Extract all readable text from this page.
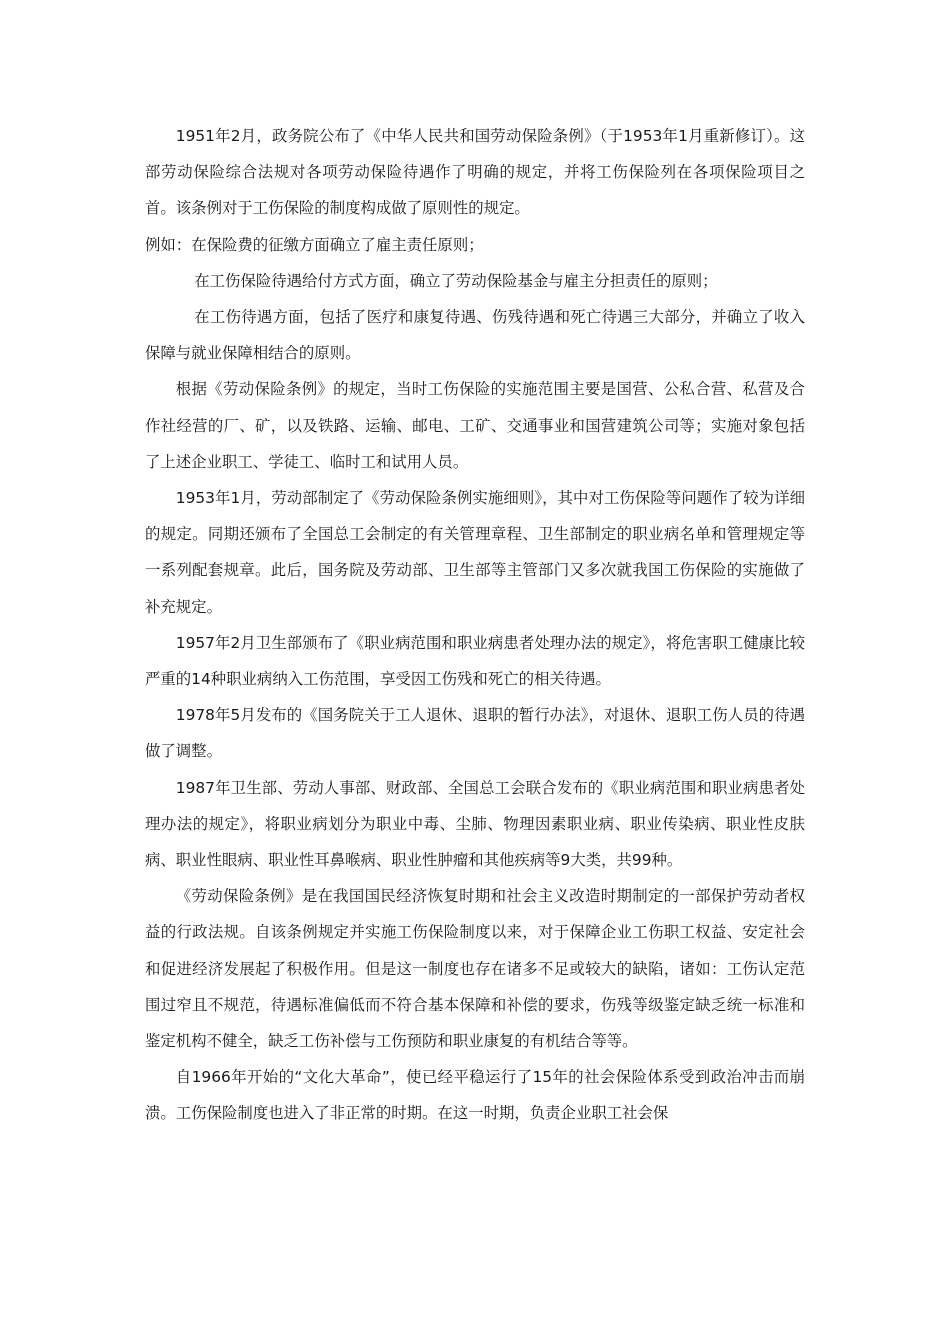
1951年2月，政务院公布了《中华人民共和国劳动保险条例》（于1953年1月重新修订）。这部劳动保险综合法规对各项劳动保险待遇作了明确的规定，并将工伤保险列在各项保险项目之首。该条例对于工伤保险的制度构成做了原则性的规定。

例如：在保险费的征缴方面确立了雇主责任原则；

在工伤保险待遇给付方式方面，确立了劳动保险基金与雇主分担责任的原则；

在工伤待遇方面，包括了医疗和康复待遇、伤残待遇和死亡待遇三大部分，并确立了收入保障与就业保障相结合的原则。

根据《劳动保险条例》的规定，当时工伤保险的实施范围主要是国营、公私合营、私营及合作社经营的厂、矿，以及铁路、运输、邮电、工矿、交通事业和国营建筑公司等；实施对象包括了上述企业职工、学徒工、临时工和试用人员。

1953年1月，劳动部制定了《劳动保险条例实施细则》，其中对工伤保险等问题作了较为详细的规定。同期还颁布了全国总工会制定的有关管理章程、卫生部制定的职业病名单和管理规定等一系列配套规章。此后，国务院及劳动部、卫生部等主管部门又多次就我国工伤保险的实施做了补充规定。

1957年2月卫生部颁布了《职业病范围和职业病患者处理办法的规定》，将危害职工健康比较严重的14种职业病纳入工伤范围，享受因工伤残和死亡的相关待遇。

1978年5月发布的《国务院关于工人退休、退职的暂行办法》，对退休、退职工伤人员的待遇做了调整。

1987年卫生部、劳动人事部、财政部、全国总工会联合发布的《职业病范围和职业病患者处理办法的规定》，将职业病划分为职业中毒、尘肺、物理因素职业病、职业传染病、职业性皮肤病、职业性眼病、职业性耳鼻喉病、职业性肿瘤和其他疾病等9大类，共99种。

《劳动保险条例》是在我国国民经济恢复时期和社会主义改造时期制定的一部保护劳动者权益的行政法规。自该条例规定并实施工伤保险制度以来，对于保障企业工伤职工权益、安定社会和促进经济发展起了积极作用。但是这一制度也存在诸多不足或较大的缺陷，诸如：工伤认定范围过窄且不规范，待遇标准偏低而不符合基本保障和补偿的要求，伤残等级鉴定缺乏统一标准和鉴定机构不健全，缺乏工伤补偿与工伤预防和职业康复的有机结合等等。

自1966年开始的“文化大革命”，使已经平稳运行了15年的社会保险体系受到政治冲击而崩溃。工伤保险制度也进入了非正常的时期。在这一时期，负责企业职工社会保
